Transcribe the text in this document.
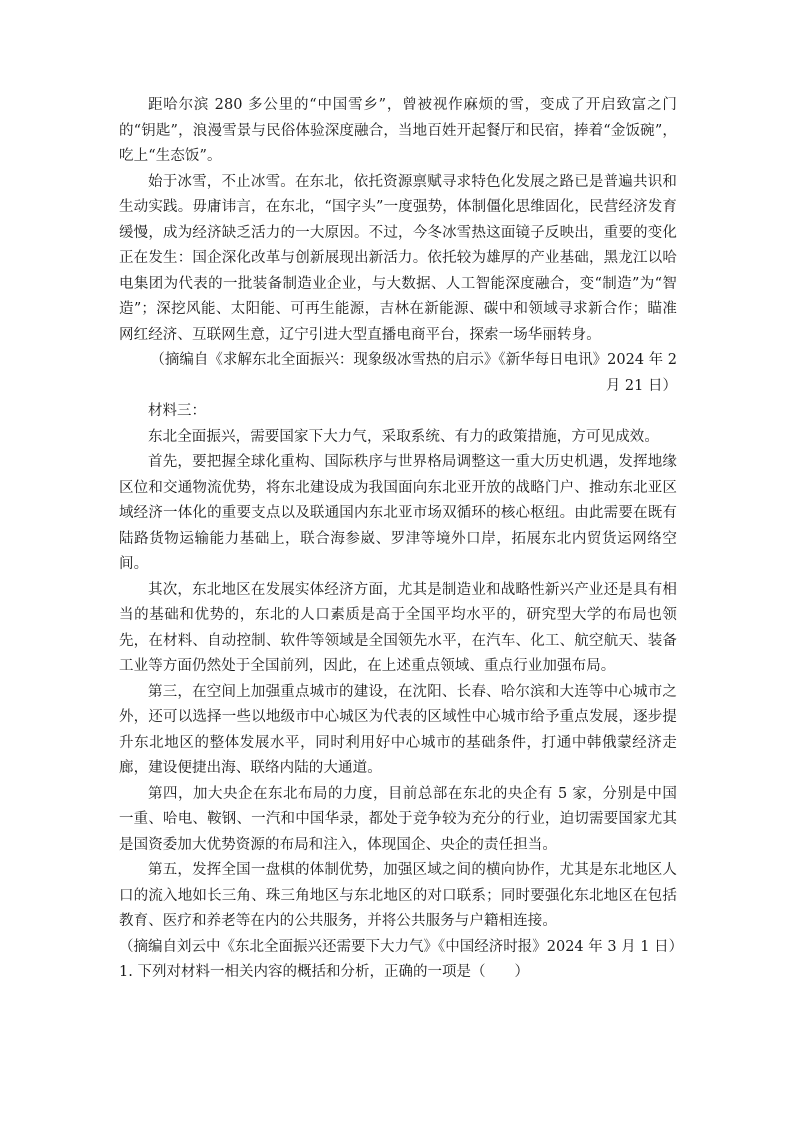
距哈尔滨 280 多公里的“中国雪乡”，曾被视作麻烦的雪，变成了开启致富之门的“钥匙”，浪漫雪景与民俗体验深度融合，当地百姓开起餐厅和民宿，捧着“金饭碗”，吃上“生态饭”。

始于冰雪，不止冰雪。在东北，依托资源禀赋寻求特色化发展之路已是普遍共识和生动实践。毋庸讳言，在东北，“国字头”一度强势，体制僵化思维固化，民营经济发育缓慢，成为经济缺乏活力的一大原因。不过，今冬冰雪热这面镜子反映出，重要的变化正在发生：国企深化改革与创新展现出新活力。依托较为雄厚的产业基础，黑龙江以哈电集团为代表的一批装备制造业企业，与大数据、人工智能深度融合，变“制造”为“智造”；深挖风能、太阳能、可再生能源，吉林在新能源、碳中和领域寻求新合作；瞄准网红经济、互联网生意，辽宁引进大型直播电商平台，探索一场华丽转身。

（摘编自《求解东北全面振兴：现象级冰雪热的启示》《新华每日电讯》2024 年 2 月 21 日）

材料三：

东北全面振兴，需要国家下大力气，采取系统、有力的政策措施，方可见成效。

首先，要把握全球化重构、国际秩序与世界格局调整这一重大历史机遇，发挥地缘区位和交通物流优势，将东北建设成为我国面向东北亚开放的战略门户、推动东北亚区域经济一体化的重要支点以及联通国内东北亚市场双循环的核心枢纽。由此需要在既有陆路货物运输能力基础上，联合海参崴、罗津等境外口岸，拓展东北内贸货运网络空间。

其次，东北地区在发展实体经济方面，尤其是制造业和战略性新兴产业还是具有相当的基础和优势的，东北的人口素质是高于全国平均水平的，研究型大学的布局也领先，在材料、自动控制、软件等领域是全国领先水平，在汽车、化工、航空航天、装备工业等方面仍然处于全国前列，因此，在上述重点领域、重点行业加强布局。

第三，在空间上加强重点城市的建设，在沈阳、长春、哈尔滨和大连等中心城市之外，还可以选择一些以地级市中心城区为代表的区域性中心城市给予重点发展，逐步提升东北地区的整体发展水平，同时利用好中心城市的基础条件，打通中韩俄蒙经济走廊，建设便捷出海、联络内陆的大通道。

第四，加大央企在东北布局的力度，目前总部在东北的央企有 5 家，分别是中国一重、哈电、鞍钢、一汽和中国华录，都处于竞争较为充分的行业，迫切需要国家尤其是国资委加大优势资源的布局和注入，体现国企、央企的责任担当。

第五，发挥全国一盘棋的体制优势，加强区域之间的横向协作，尤其是东北地区人口的流入地如长三角、珠三角地区与东北地区的对口联系；同时要强化东北地区在包括教育、医疗和养老等在内的公共服务，并将公共服务与户籍相连接。

（摘编自刘云中《东北全面振兴还需要下大力气》《中国经济时报》2024 年 3 月 1 日）

1. 下列对材料一相关内容的概括和分析，正确的一项是（　　）
